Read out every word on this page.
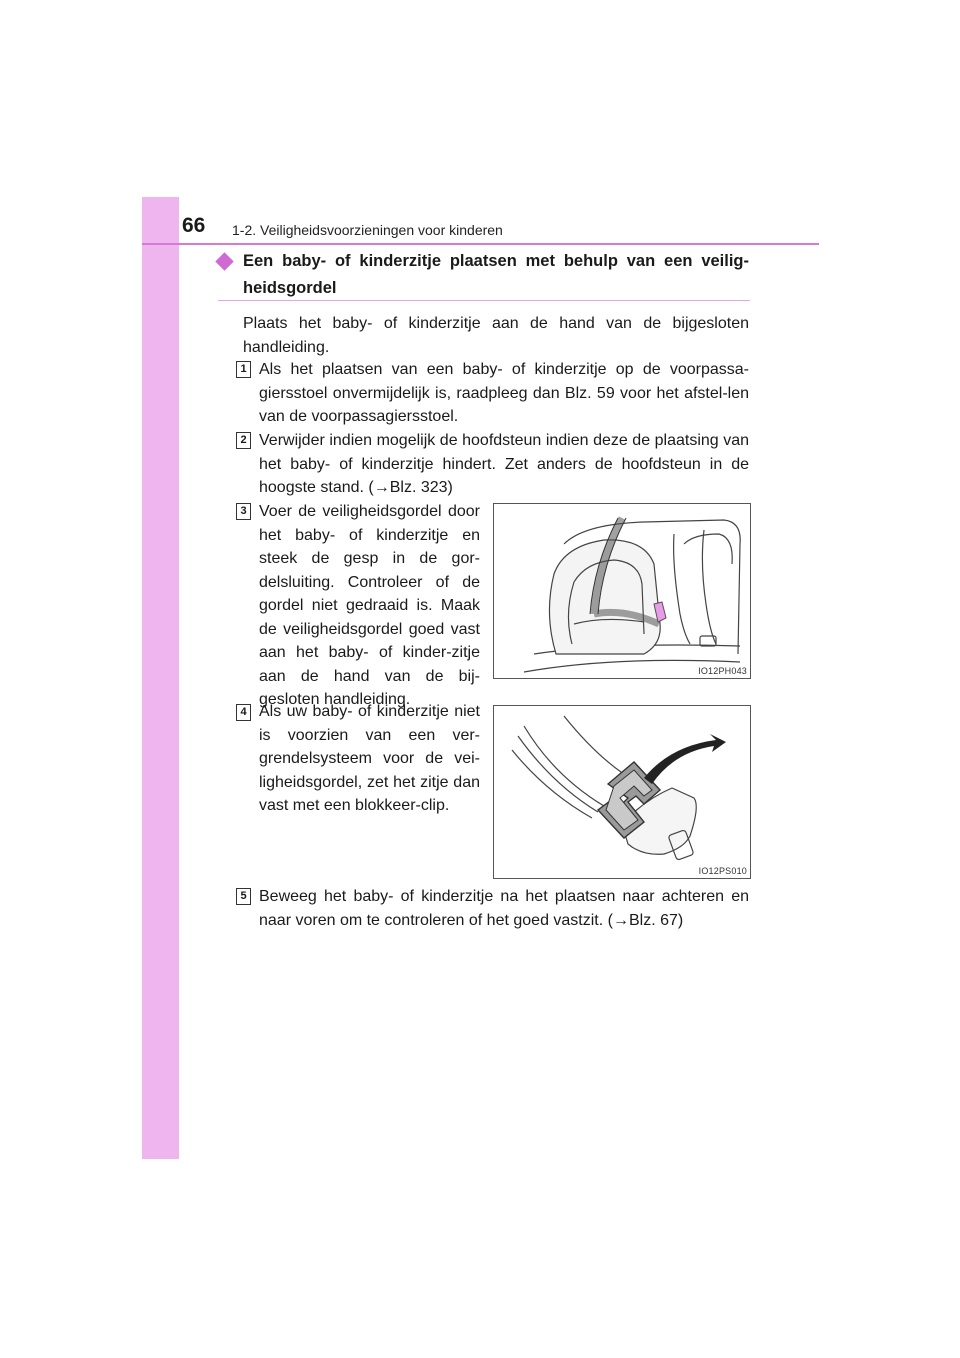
66 1-2. Veiligheidsvoorzieningen voor kinderen
Een baby- of kinderzitje plaatsen met behulp van een veilig-heidsgordel
Plaats het baby- of kinderzitje aan de hand van de bijgesloten handleiding.
1 Als het plaatsen van een baby- of kinderzitje op de voorpassa-giersstoel onvermijdelijk is, raadpleeg dan Blz. 59 voor het afstel-len van de voorpassagiersstoel.
2 Verwijder indien mogelijk de hoofdsteun indien deze de plaatsing van het baby- of kinderzitje hindert. Zet anders de hoofdsteun in de hoogste stand. (→Blz. 323)
3 Voer de veiligheidsgordel door het baby- of kinderzitje en steek de gesp in de gor-delsluiting. Controleer of de gordel niet gedraaid is. Maak de veiligheidsgordel goed vast aan het baby- of kinder-zitje aan de hand van de bij-gesloten handleiding.
IO12PH043
4 Als uw baby- of kinderzitje niet is voorzien van een ver-grendelsysteem voor de vei-ligheidsgordel, zet het zitje dan vast met een blokkeer-clip.
IO12PS010
5 Beweeg het baby- of kinderzitje na het plaatsen naar achteren en naar voren om te controleren of het goed vastzit. (→Blz. 67)
